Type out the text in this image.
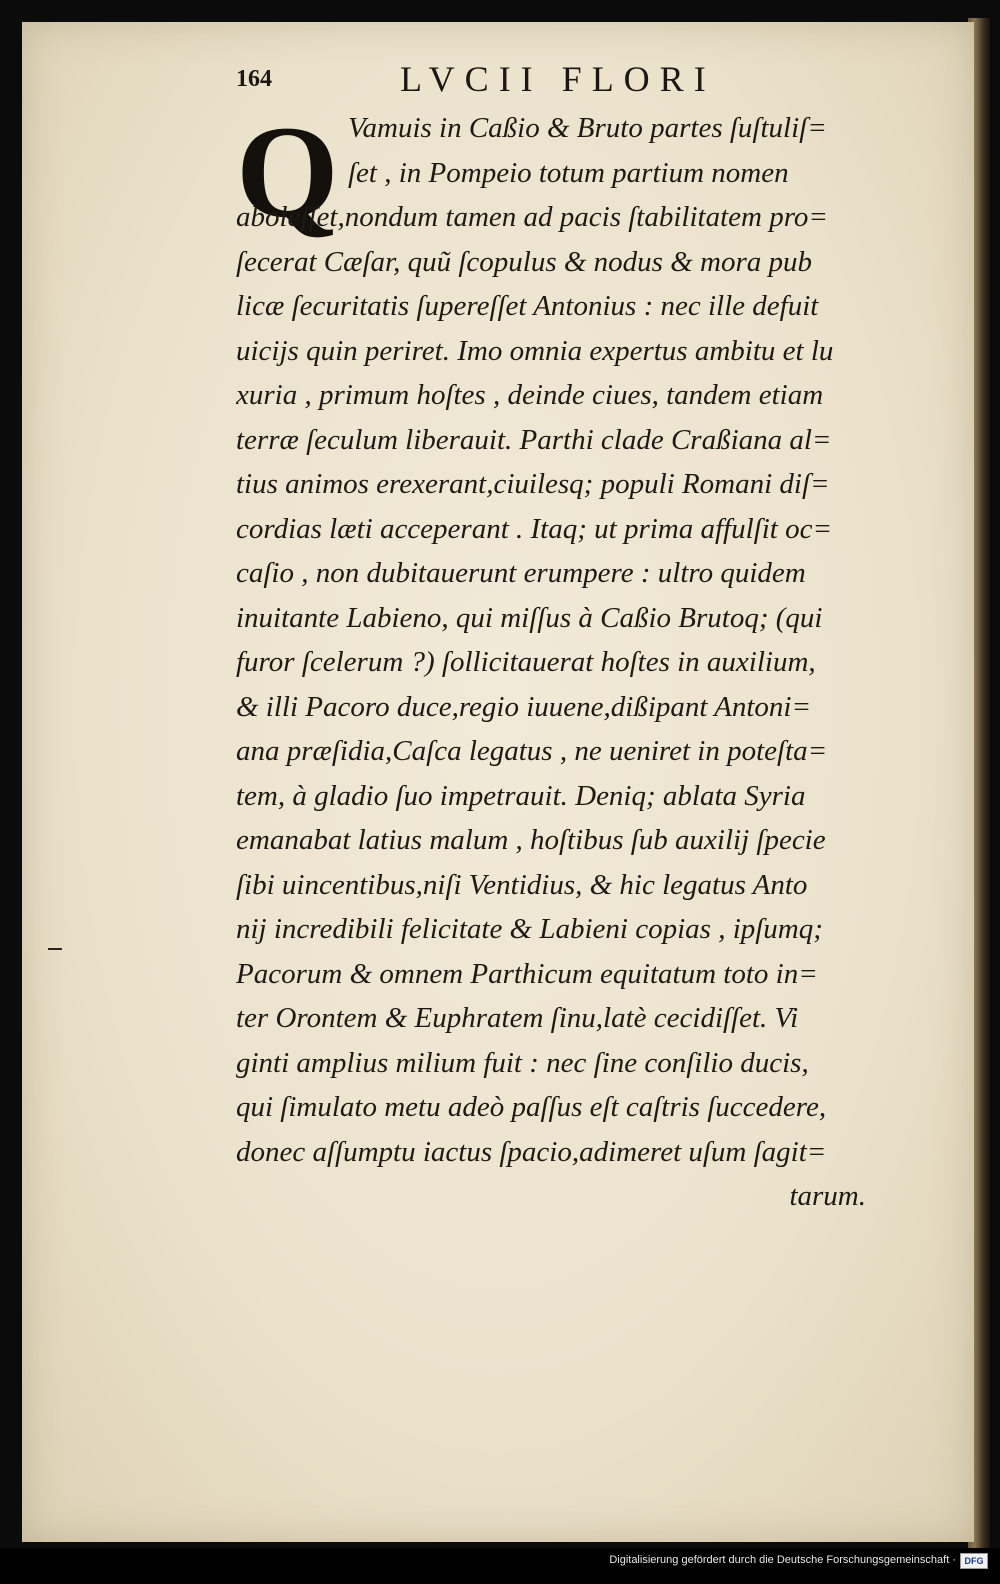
164	LVCII FLORI
Q Vamuis in Caßio & Bruto partes ſuſtuliſ=
ſet , in Pompeio totum partium nomen
aboleſſet,nondum tamen ad pacis ſtabilitatem pro=
ſecerat Cæſar, quũ ſcopulus & nodus & mora pub
licæ ſecuritatis ſupereſſet Antonius : nec ille defuit
uicijs quin periret. Imo omnia expertus ambitu et lu
xuria , primum hoſtes , deinde ciues, tandem etiam
terræ ſeculum liberauit. Parthi clade Craßiana al=
tius animos erexerant,ciuilesq; populi Romani diſ=
cordias læti acceperant . Itaq; ut prima affulſit oc=
caſio , non dubitauerunt erumpere : ultro quidem
inuitante Labieno, qui miſſus à Caßio Brutoq; (qui
furor ſcelerum ?) ſollicitauerat hoſtes in auxilium,
& illi Pacoro duce,regio iuuene,dißipant Antoni=
ana præſidia,Caſca legatus , ne ueniret in poteſta=
tem, à gladio ſuo impetrauit. Deniq; ablata Syria
emanabat latius malum , hoſtibus ſub auxilij ſpecie
ſibi uincentibus,niſi Ventidius, & hic legatus Anto
nij incredibili felicitate & Labieni copias , ipſumq;
Pacorum & omnem Parthicum equitatum toto in=
ter Orontem & Euphratem ſinu,latè cecidiſſet. Vi
ginti amplius milium fuit : nec ſine conſilio ducis,
qui ſimulato metu adeò paſſus eſt caſtris ſuccedere,
donec aſſumptu iactus ſpacio,adimeret uſum ſagit=
tarum.
Digitalisierung gefördert durch die Deutsche Forschungsgemeinschaft · DFG
